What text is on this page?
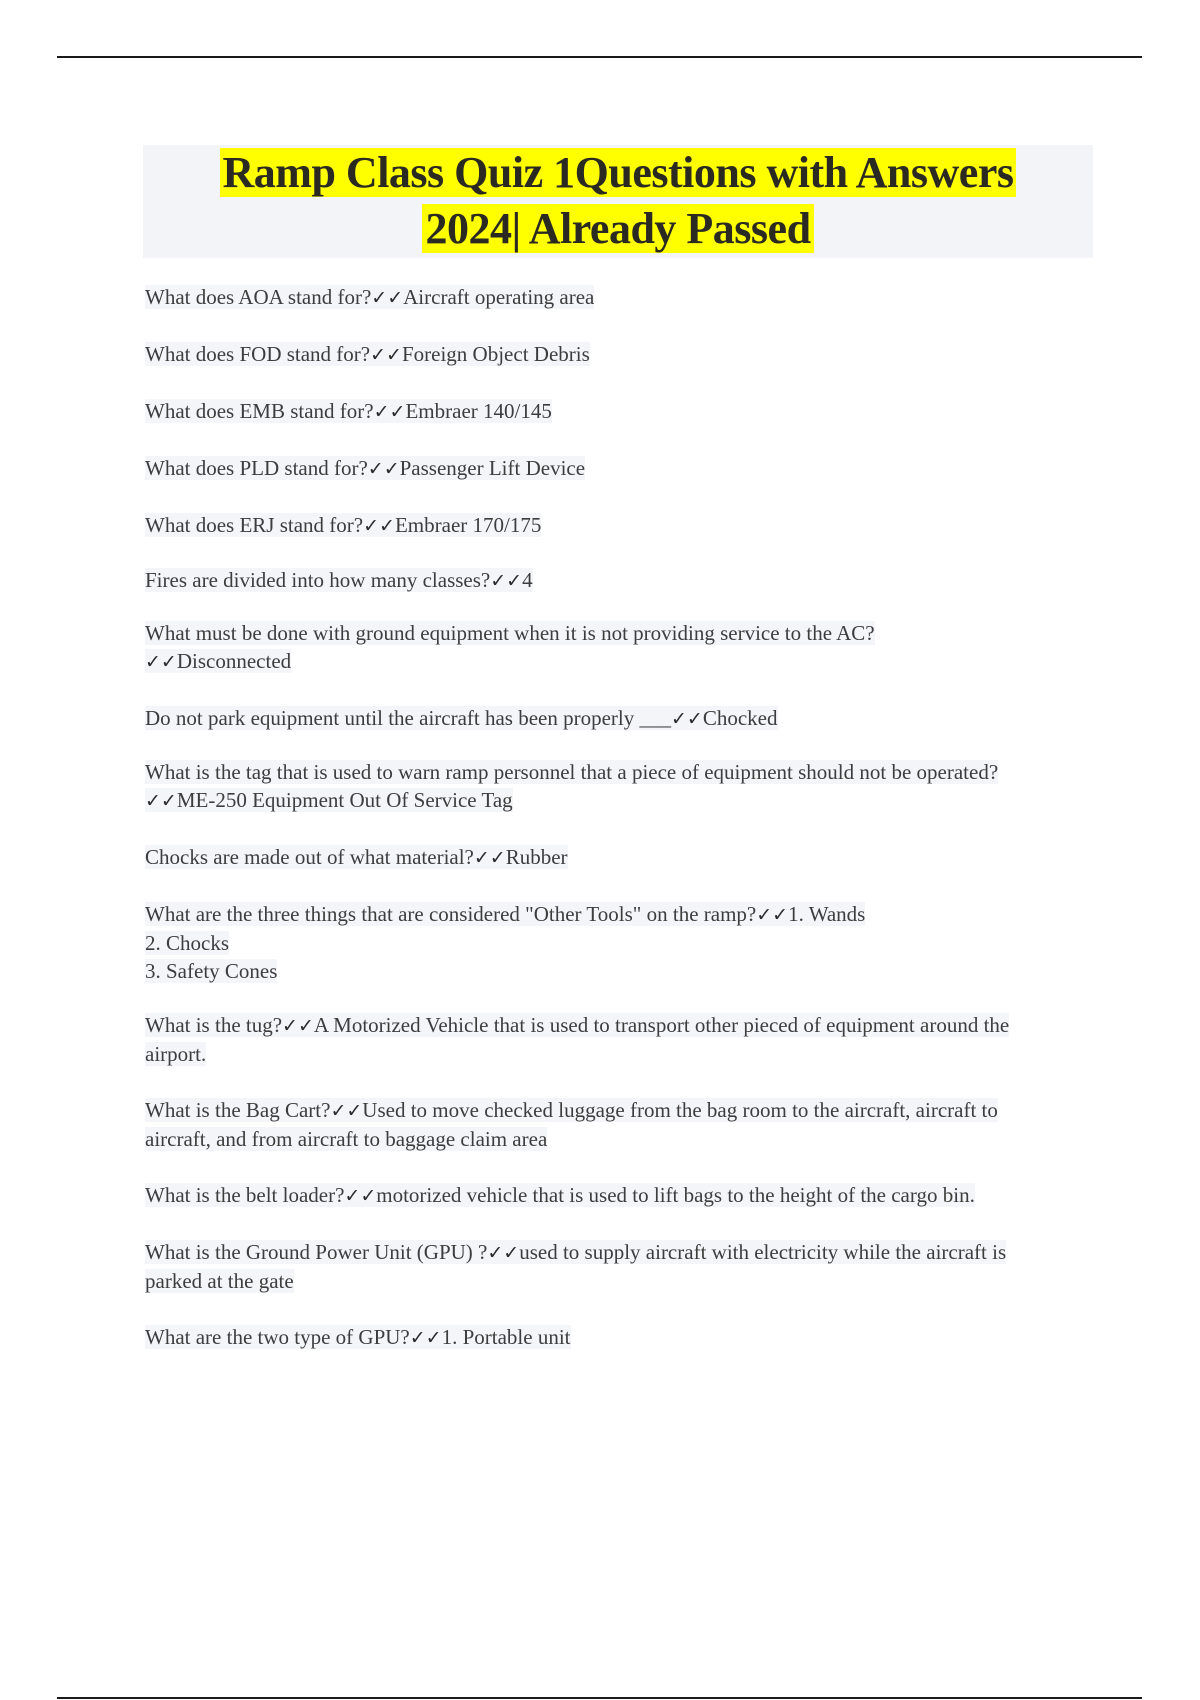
Ramp Class Quiz 1Questions with Answers
2024| Already Passed

What does AOA stand for?✓✓Aircraft operating area

What does FOD stand for?✓✓Foreign Object Debris

What does EMB stand for?✓✓Embraer 140/145

What does PLD stand for?✓✓Passenger Lift Device

What does ERJ stand for?✓✓Embraer 170/175

Fires are divided into how many classes?✓✓4

What must be done with ground equipment when it is not providing service to the AC?✓✓Disconnected

Do not park equipment until the aircraft has been properly ___✓✓Chocked

What is the tag that is used to warn ramp personnel that a piece of equipment should not be operated?✓✓ME-250 Equipment Out Of Service Tag

Chocks are made out of what material?✓✓Rubber

What are the three things that are considered "Other Tools" on the ramp?✓✓1. Wands
2. Chocks
3. Safety Cones

What is the tug?✓✓A Motorized Vehicle that is used to transport other pieced of equipment around the airport.

What is the Bag Cart?✓✓Used to move checked luggage from the bag room to the aircraft, aircraft to aircraft, and from aircraft to baggage claim area

What is the belt loader?✓✓motorized vehicle that is used to lift bags to the height of the cargo bin.

What is the Ground Power Unit (GPU) ?✓✓used to supply aircraft with electricity while the aircraft is parked at the gate

What are the two type of GPU?✓✓1. Portable unit
